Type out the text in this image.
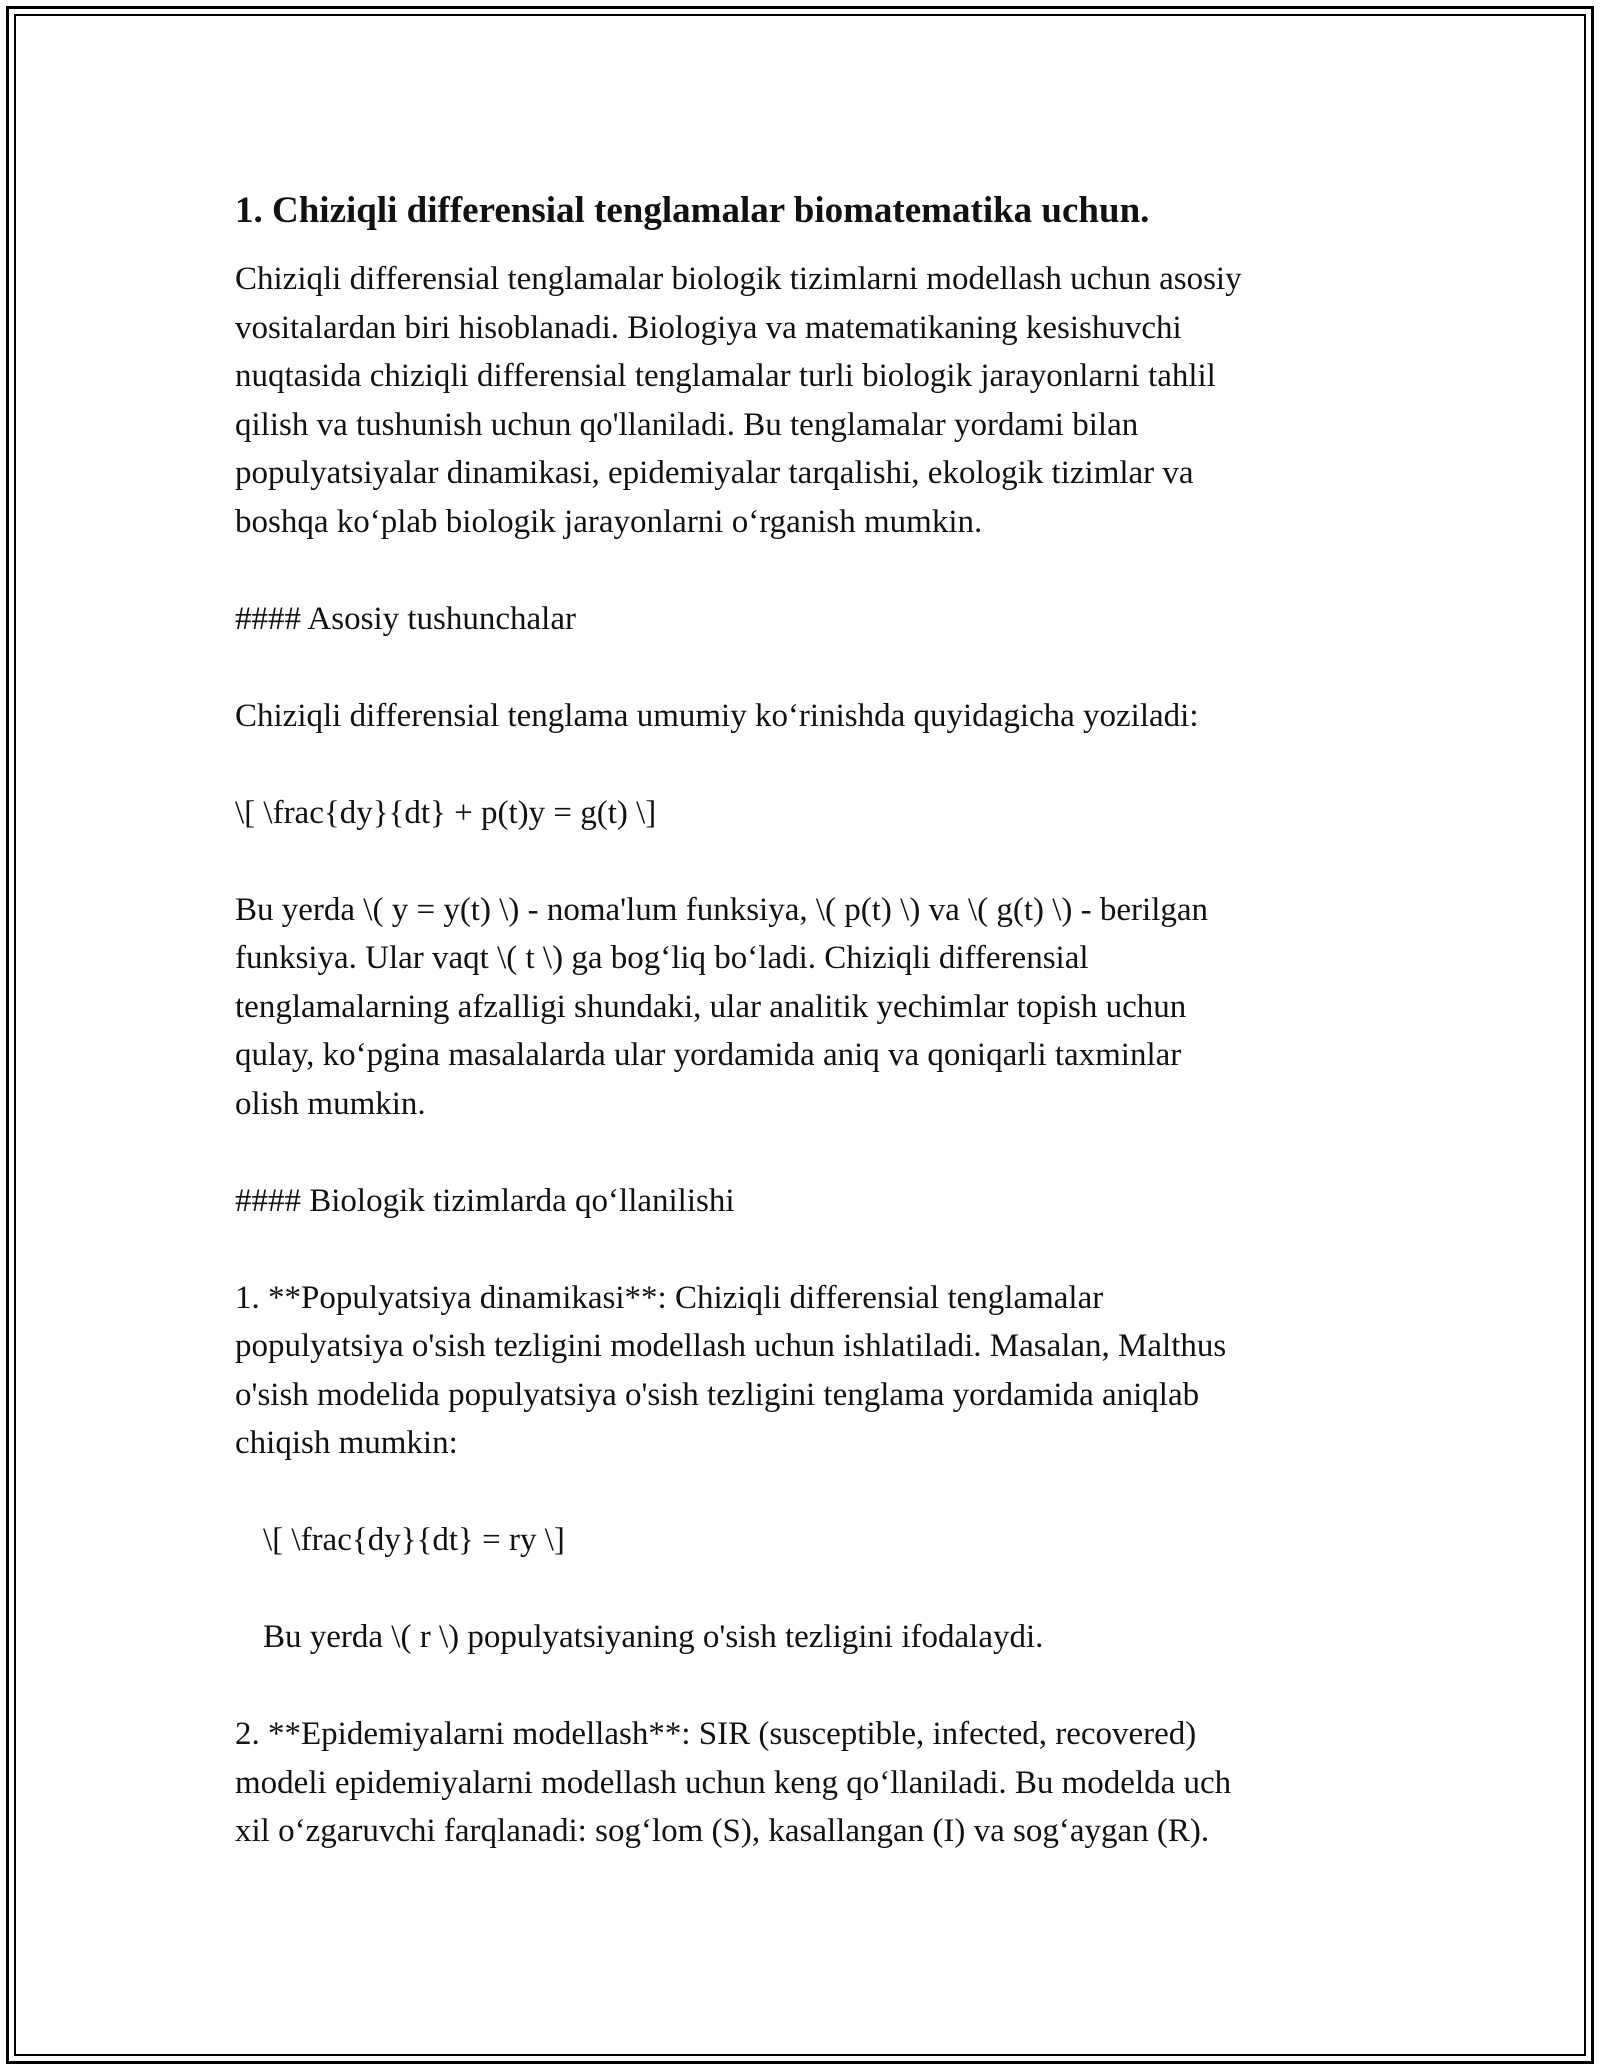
1. Chiziqli differensial tenglamalar biomatematika uchun.
Chiziqli differensial tenglamalar biologik tizimlarni modellash uchun asosiy
vositalardan biri hisoblanadi. Biologiya va matematikaning kesishuvchi
nuqtasida chiziqli differensial tenglamalar turli biologik jarayonlarni tahlil
qilish va tushunish uchun qo'llaniladi. Bu tenglamalar yordami bilan
populyatsiyalar dinamikasi, epidemiyalar tarqalishi, ekologik tizimlar va
boshqa ko‘plab biologik jarayonlarni o‘rganish mumkin.
#### Asosiy tushunchalar
Chiziqli differensial tenglama umumiy ko‘rinishda quyidagicha yoziladi:
\[ \frac{dy}{dt} + p(t)y = g(t) \]
Bu yerda \( y = y(t) \) - noma'lum funksiya, \( p(t) \) va \( g(t) \) - berilgan
funksiya. Ular vaqt \( t \) ga bog‘liq bo‘ladi. Chiziqli differensial
tenglamalarning afzalligi shundaki, ular analitik yechimlar topish uchun
qulay, ko‘pgina masalalarda ular yordamida aniq va qoniqarli taxminlar
olish mumkin.
#### Biologik tizimlarda qo‘llanilishi
1. **Populyatsiya dinamikasi**: Chiziqli differensial tenglamalar
populyatsiya o'sish tezligini modellash uchun ishlatiladi. Masalan, Malthus
o'sish modelida populyatsiya o'sish tezligini tenglama yordamida aniqlab
chiqish mumkin:
\[ \frac{dy}{dt} = ry \]
Bu yerda \( r \) populyatsiyaning o'sish tezligini ifodalaydi.
2. **Epidemiyalarni modellash**: SIR (susceptible, infected, recovered)
modeli epidemiyalarni modellash uchun keng qo‘llaniladi. Bu modelda uch
xil o‘zgaruvchi farqlanadi: sog‘lom (S), kasallangan (I) va sog‘aygan (R).
